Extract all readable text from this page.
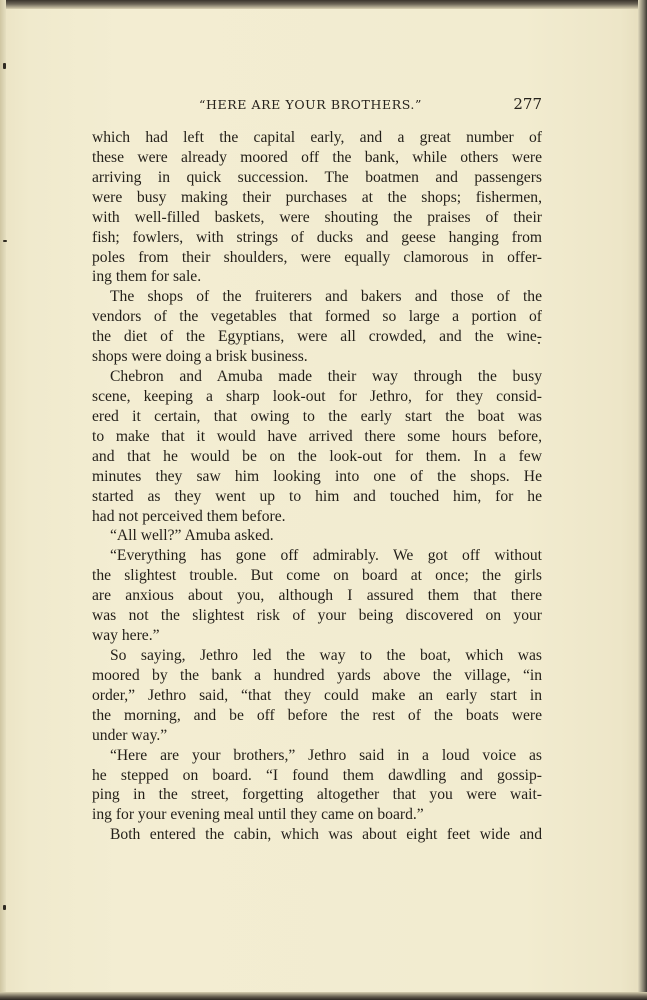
“HERE ARE YOUR BROTHERS.”	277
which had left the capital early, and a great number of
these were already moored off the bank, while others were
arriving in quick succession. The boatmen and passengers
were busy making their purchases at the shops; fishermen,
with well-filled baskets, were shouting the praises of their
fish; fowlers, with strings of ducks and geese hanging from
poles from their shoulders, were equally clamorous in offer-
ing them for sale.
The shops of the fruiterers and bakers and those of the
vendors of the vegetables that formed so large a portion of
the diet of the Egyptians, were all crowded, and the wine-
shops were doing a brisk business.
Chebron and Amuba made their way through the busy
scene, keeping a sharp look-out for Jethro, for they consid-
ered it certain, that owing to the early start the boat was
to make that it would have arrived there some hours before,
and that he would be on the look-out for them. In a few
minutes they saw him looking into one of the shops. He
started as they went up to him and touched him, for he
had not perceived them before.
“All well?” Amuba asked.
“Everything has gone off admirably. We got off without
the slightest trouble. But come on board at once; the girls
are anxious about you, although I assured them that there
was not the slightest risk of your being discovered on your
way here.”
So saying, Jethro led the way to the boat, which was
moored by the bank a hundred yards above the village, “in
order,” Jethro said, “that they could make an early start in
the morning, and be off before the rest of the boats were
under way.”
“Here are your brothers,” Jethro said in a loud voice as
he stepped on board. “I found them dawdling and gossip-
ping in the street, forgetting altogether that you were wait-
ing for your evening meal until they came on board.”
Both entered the cabin, which was about eight feet wide and
